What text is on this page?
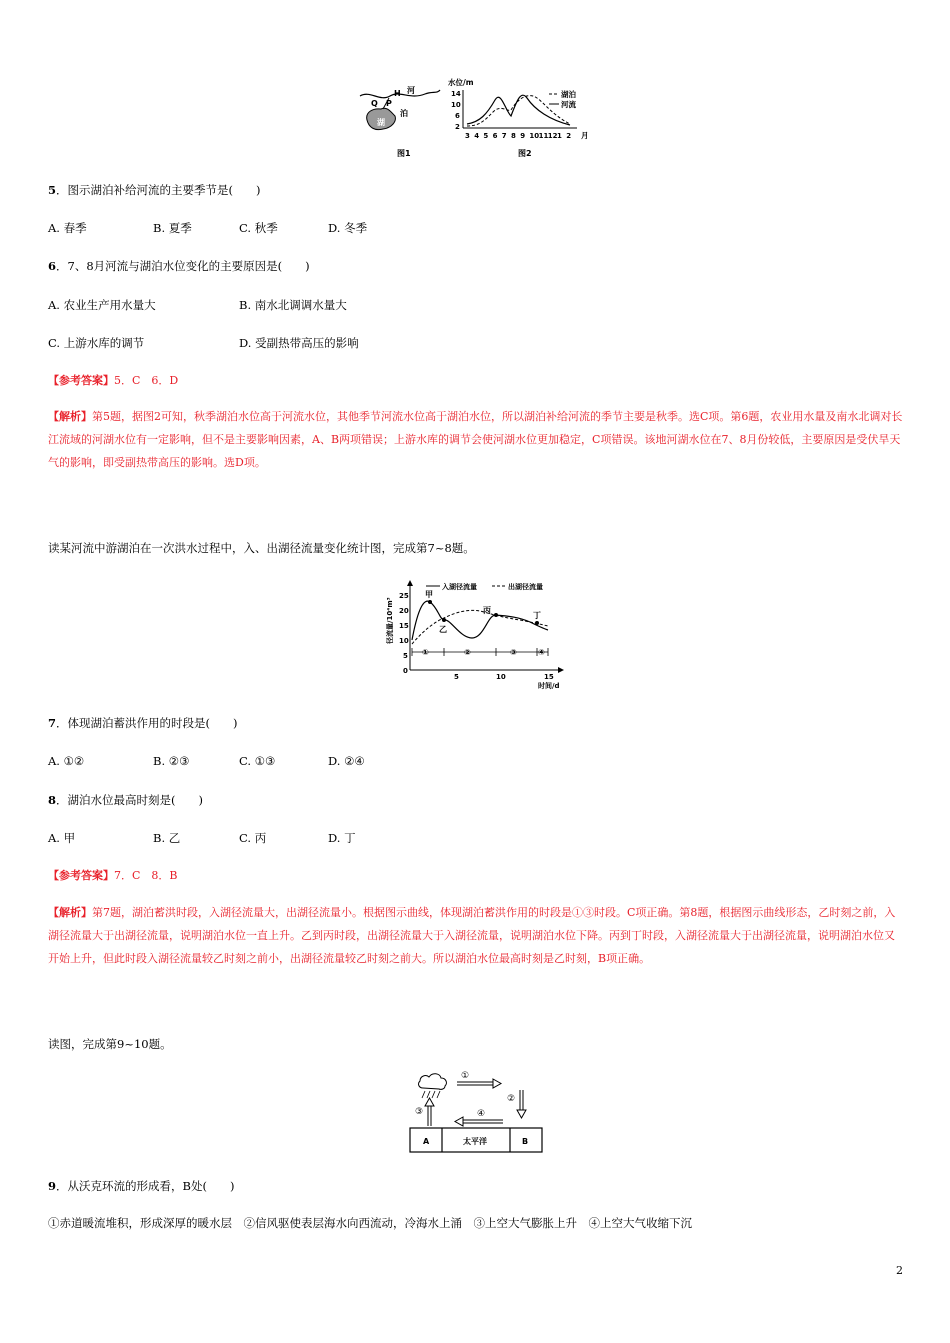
Q P
H 河
湖
泊
图1
水位/m
14
10
6
2
3 4 5 6 7 8 9 10 11 12 1 2 月
湖泊
河流
图2
5．图示湖泊补给河流的主要季节是(　　)
A. 春季	B. 夏季	C. 秋季	D. 冬季
6．7、8月河流与湖泊水位变化的主要原因是(　　)
A. 农业生产用水量大	B. 南水北调调水量大
C. 上游水库的调节	D. 受副热带高压的影响
【参考答案】5．C　6．D
【解析】第5题，据图2可知，秋季湖泊水位高于河流水位，其他季节河流水位高于湖泊水位，所以湖泊补给河流的季节主要是秋季。选C项。第6题，农业用水量及南水北调对长江流域的河湖水位有一定影响，但不是主要影响因素，A、B两项错误；上游水库的调节会使河湖水位更加稳定，C项错误。该地河湖水位在7、8月份较低，主要原因是受伏旱天气的影响，即受副热带高压的影响。选D项。
读某河流中游湖泊在一次洪水过程中，入、出湖径流量变化统计图，完成第7~8题。
径流量/10⁴m³
25
20
15
10
5
0
甲
乙
丙
丁
①	②	③	④
5	10	15
时间/d
入湖径流量	出湖径流量
7．体现湖泊蓄洪作用的时段是(　　)
A. ①②	B. ②③	C. ①③	D. ②④
8．湖泊水位最高时刻是(　　)
A. 甲	B. 乙	C. 丙	D. 丁
【参考答案】7．C　8．B
【解析】第7题，湖泊蓄洪时段，入湖径流量大，出湖径流量小。根据图示曲线，体现湖泊蓄洪作用的时段是①③时段。C项正确。第8题，根据图示曲线形态，乙时刻之前，入湖径流量大于出湖径流量，说明湖泊水位一直上升。乙到丙时段，出湖径流量大于入湖径流量，说明湖泊水位下降。丙到丁时段，入湖径流量大于出湖径流量，说明湖泊水位又开始上升，但此时段入湖径流量较乙时刻之前小，出湖径流量较乙时刻之前大。所以湖泊水位最高时刻是乙时刻，B项正确。
读图，完成第9~10题。
①
②
③	④
A	太平洋	B
9．从沃克环流的形成看，B处(　　)
①赤道暖流堆积，形成深厚的暖水层　②信风驱使表层海水向西流动，冷海水上涌　③上空大气膨胀上升　④上空大气收缩下沉
2
